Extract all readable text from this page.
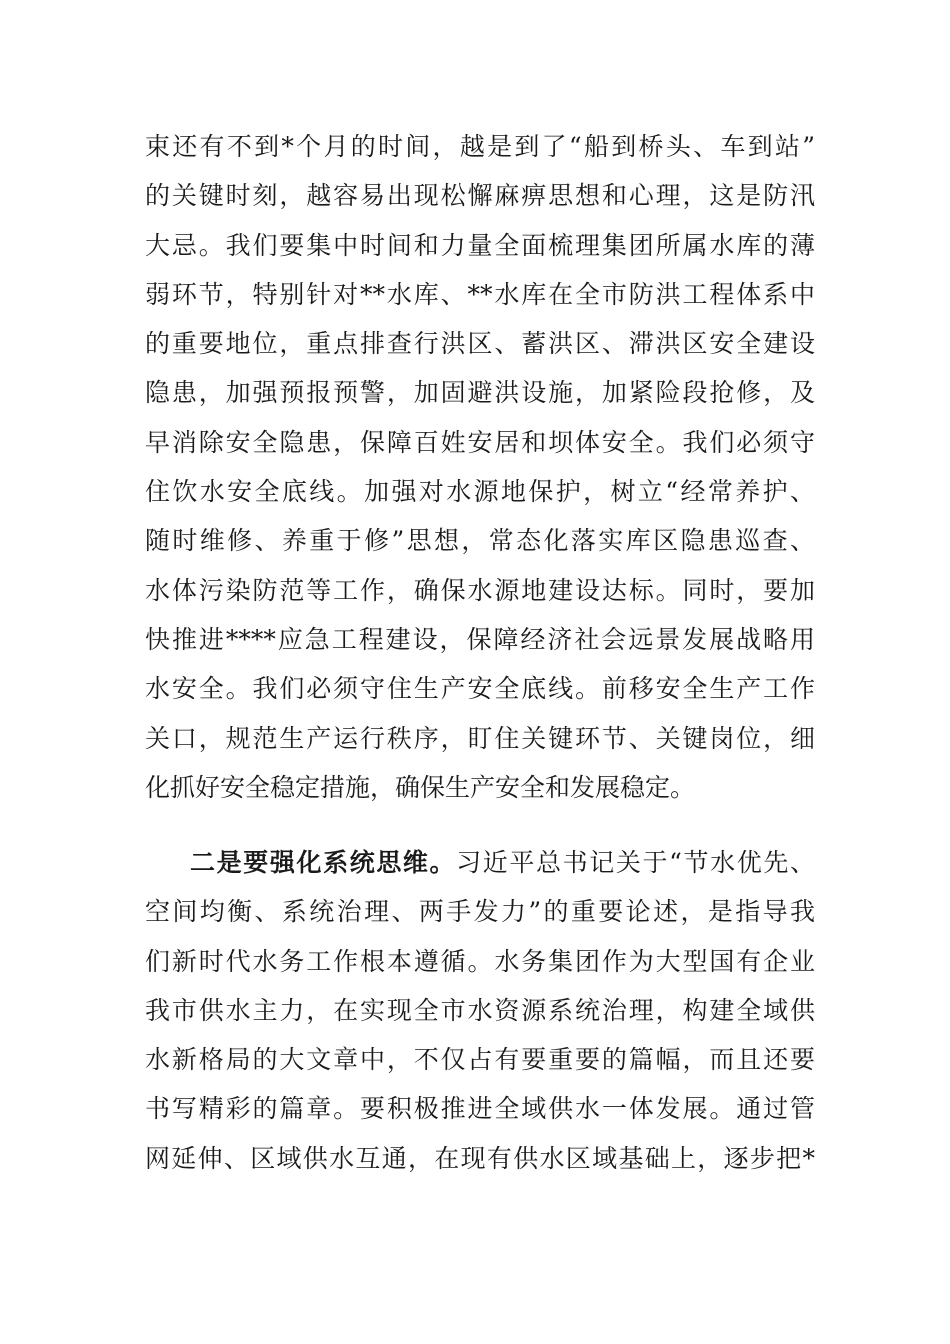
束还有不到*个月的时间，越是到了“船到桥头、车到站”
的关键时刻，越容易出现松懈麻痹思想和心理，这是防汛
大忌。我们要集中时间和力量全面梳理集团所属水库的薄
弱环节，特别针对**水库、**水库在全市防洪工程体系中
的重要地位，重点排查行洪区、蓄洪区、滞洪区安全建设
隐患，加强预报预警，加固避洪设施，加紧险段抢修，及
早消除安全隐患，保障百姓安居和坝体安全。我们必须守
住饮水安全底线。加强对水源地保护，树立“经常养护、
随时维修、养重于修”思想，常态化落实库区隐患巡查、
水体污染防范等工作，确保水源地建设达标。同时，要加
快推进****应急工程建设，保障经济社会远景发展战略用
水安全。我们必须守住生产安全底线。前移安全生产工作
关口，规范生产运行秩序，盯住关键环节、关键岗位，细
化抓好安全稳定措施，确保生产安全和发展稳定。
二是要强化系统思维。习近平总书记关于“节水优先、
空间均衡、系统治理、两手发力”的重要论述，是指导我
们新时代水务工作根本遵循。水务集团作为大型国有企业
我市供水主力，在实现全市水资源系统治理，构建全域供
水新格局的大文章中，不仅占有要重要的篇幅，而且还要
书写精彩的篇章。要积极推进全域供水一体发展。通过管
网延伸、区域供水互通，在现有供水区域基础上，逐步把*
